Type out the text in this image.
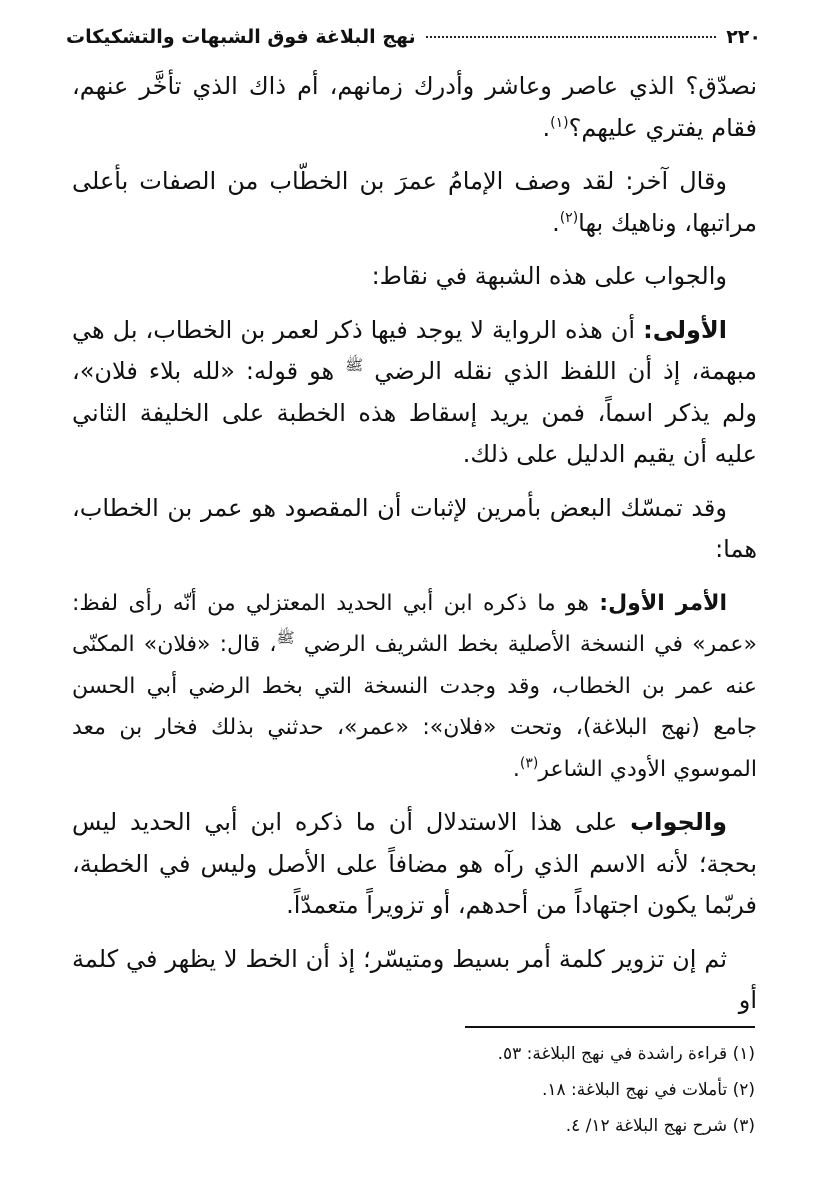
٢٢٠
نهج البلاغة فوق الشبهات والتشكيكات

نصدّق؟ الذي عاصر وعاشر وأدرك زمانهم، أم ذاك الذي تأخَّر عنهم، فقام يفتري عليهم؟$^{(١)}$.

وقال آخر: لقد وصف الإمامُ عمرَ بن الخطّاب من الصفات بأعلى مراتبها، وناهيك بها$^{(٢)}$.

والجواب على هذه الشبهة في نقاط:

الأولى: أن هذه الرواية لا يوجد فيها ذكر لعمر بن الخطاب، بل هي مبهمة، إذ أن اللفظ الذي نقله الرضي $^ﷺ$ هو قوله: «لله بلاء فلان»، ولم يذكر اسماً، فمن يريد إسقاط هذه الخطبة على الخليفة الثاني عليه أن يقيم الدليل على ذلك.

وقد تمسّك البعض بأمرين لإثبات أن المقصود هو عمر بن الخطاب، هما:

الأمر الأول: هو ما ذكره ابن أبي الحديد المعتزلي من أنّه رأى لفظ: «عمر» في النسخة الأصلية بخط الشريف الرضي $^ﷺ$، قال: «فلان» المكنّى عنه عمر بن الخطاب، وقد وجدت النسخة التي بخط الرضي أبي الحسن جامع (نهج البلاغة)، وتحت «فلان»: «عمر»، حدثني بذلك فخار بن معد الموسوي الأودي الشاعر$^{(٣)}$.

والجواب على هذا الاستدلال أن ما ذكره ابن أبي الحديد ليس بحجة؛ لأنه الاسم الذي رآه هو مضافاً على الأصل وليس في الخطبة، فربّما يكون اجتهاداً من أحدهم، أو تزويراً متعمدّاً.

ثم إن تزوير كلمة أمر بسيط ومتيسّر؛ إذ أن الخط لا يظهر في كلمة أو

(١) قراءة راشدة في نهج البلاغة: ٥٣.

(٢) تأملات في نهج البلاغة: ١٨.

(٣) شرح نهج البلاغة ١٢/ ٤.
